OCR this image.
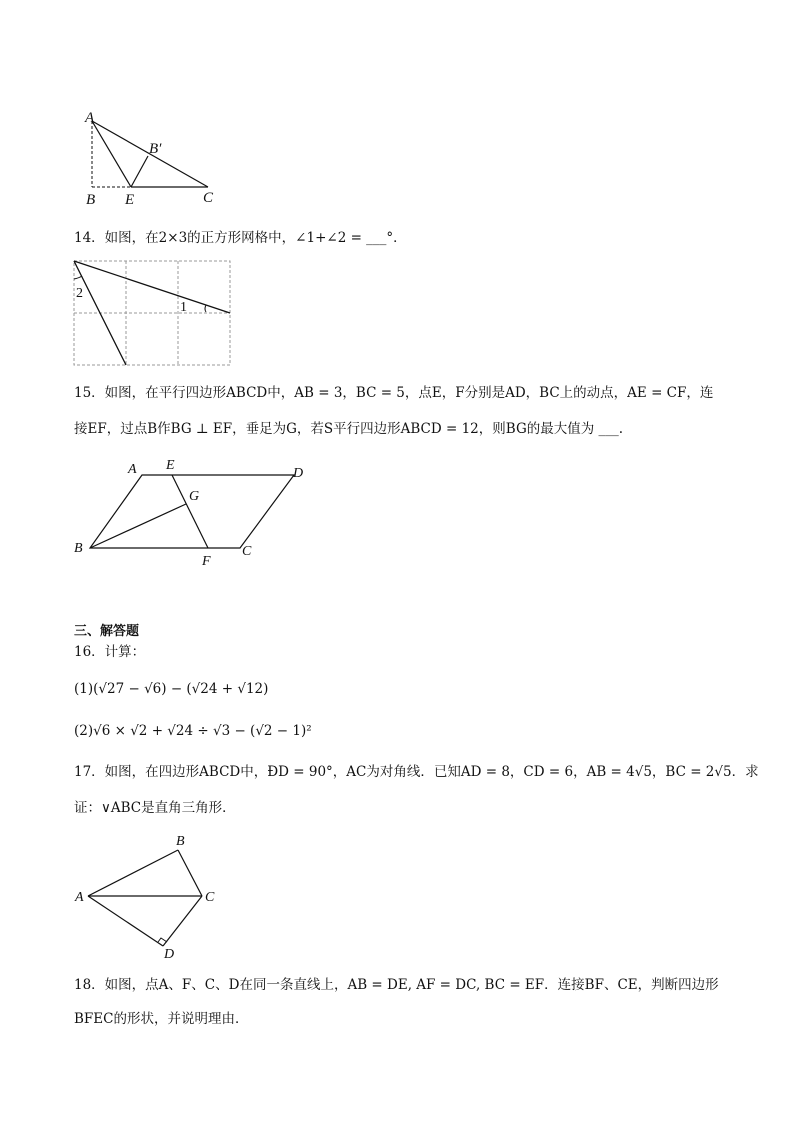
A
B′
B E	C
14．如图，在2×3的正方形网格中，∠1+∠2 = ___°．
1
2
15．如图，在平行四边形ABCD中，AB = 3，BC = 5，点E，F分别是AD，BC上的动点，AE = CF，连
接EF，过点B作BG ⊥ EF，垂足为G，若S平行四边形ABCD = 12，则BG的最大值为 ___.
A E
D
G
B
F
C
三、解答题
16．计算：
(1)(√27 − √6) − (√24 + √12)
(2)√6 × √2 + √24 ÷ √3 − (√2 − 1)²
17．如图，在四边形ABCD中，ÐD = 90°，AC为对角线．已知AD = 8，CD = 6，AB = 4√5，BC = 2√5．求
证：∨ABC是直角三角形．
A
B
C
D
18．如图，点A、F、C、D在同一条直线上，AB = DE, AF = DC, BC = EF．连接BF、CE，判断四边形
BFEC的形状，并说明理由．
